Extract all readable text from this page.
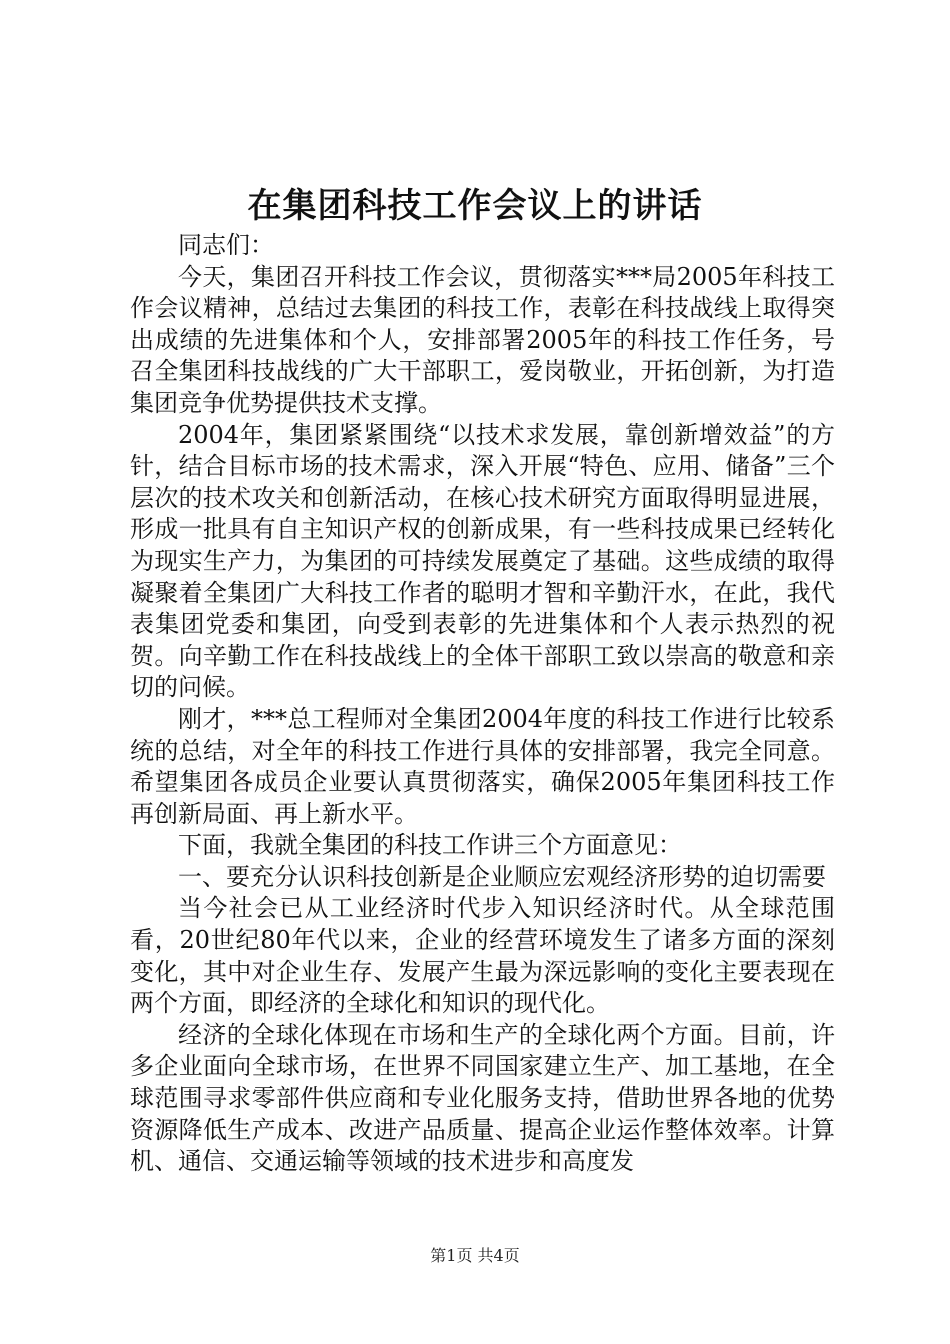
在集团科技工作会议上的讲话

同志们：

今天，集团召开科技工作会议，贯彻落实***局2005年科技工作会议精神，总结过去集团的科技工作，表彰在科技战线上取得突出成绩的先进集体和个人，安排部署2005年的科技工作任务，号召全集团科技战线的广大干部职工，爱岗敬业，开拓创新，为打造集团竞争优势提供技术支撑。

2004年，集团紧紧围绕“以技术求发展，靠创新增效益”的方针，结合目标市场的技术需求，深入开展“特色、应用、储备”三个层次的技术攻关和创新活动，在核心技术研究方面取得明显进展，形成一批具有自主知识产权的创新成果，有一些科技成果已经转化为现实生产力，为集团的可持续发展奠定了基础。这些成绩的取得凝聚着全集团广大科技工作者的聪明才智和辛勤汗水，在此，我代表集团党委和集团，向受到表彰的先进集体和个人表示热烈的祝贺。向辛勤工作在科技战线上的全体干部职工致以崇高的敬意和亲切的问候。

刚才，***总工程师对全集团2004年度的科技工作进行比较系统的总结，对全年的科技工作进行具体的安排部署，我完全同意。希望集团各成员企业要认真贯彻落实，确保2005年集团科技工作再创新局面、再上新水平。

下面，我就全集团的科技工作讲三个方面意见：

一、要充分认识科技创新是企业顺应宏观经济形势的迫切需要

当今社会已从工业经济时代步入知识经济时代。从全球范围看，20世纪80年代以来，企业的经营环境发生了诸多方面的深刻变化，其中对企业生存、发展产生最为深远影响的变化主要表现在两个方面，即经济的全球化和知识的现代化。

经济的全球化体现在市场和生产的全球化两个方面。目前，许多企业面向全球市场，在世界不同国家建立生产、加工基地，在全球范围寻求零部件供应商和专业化服务支持，借助世界各地的优势资源降低生产成本、改进产品质量、提高企业运作整体效率。计算机、通信、交通运输等领域的技术进步和高度发

第1页 共4页
